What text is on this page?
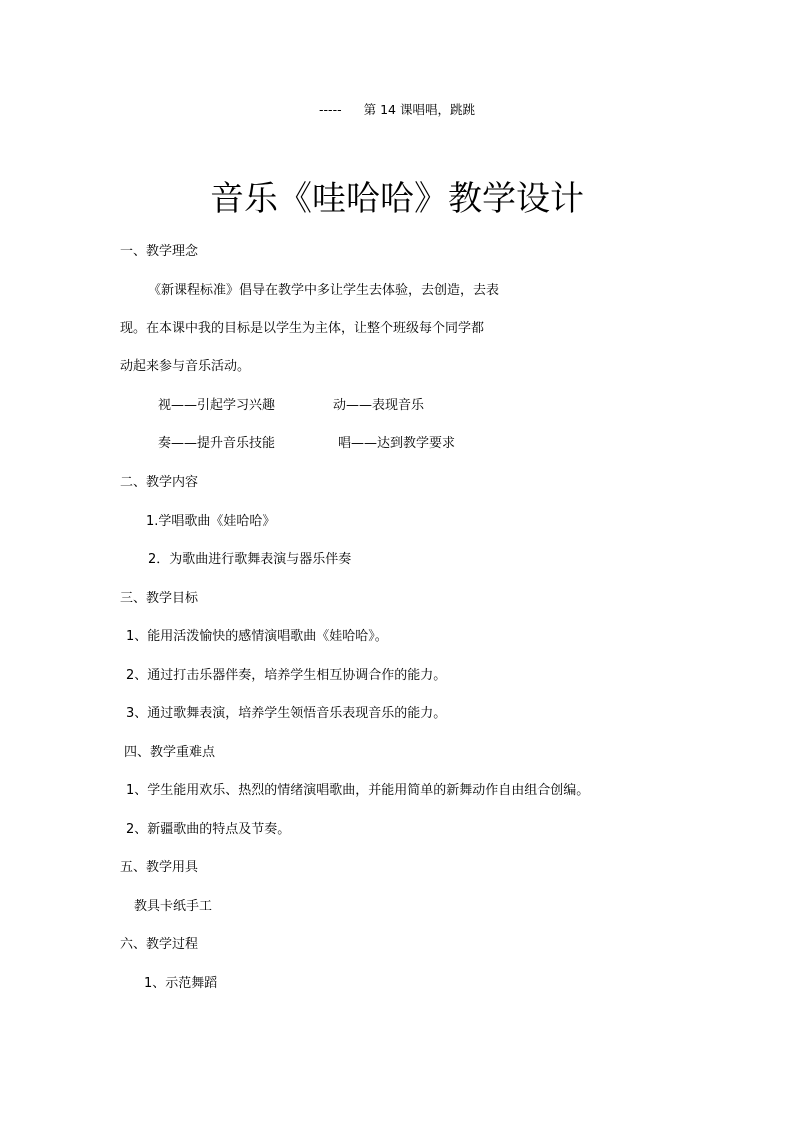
----- 第 14 课唱唱，跳跳
音乐《哇哈哈》教学设计
一、教学理念
《新课程标准》倡导在教学中多让学生去体验，去创造，去表
现。在本课中我的目标是以学生为主体，让整个班级每个同学都
动起来参与音乐活动。
视——引起学习兴趣	动——表现音乐
奏——提升音乐技能	唱——达到教学要求
二、教学内容
1.学唱歌曲《娃哈哈》
2．为歌曲进行歌舞表演与器乐伴奏
三、教学目标
1、能用活泼愉快的感情演唱歌曲《娃哈哈》。
2、通过打击乐器伴奏，培养学生相互协调合作的能力。
3、通过歌舞表演，培养学生领悟音乐表现音乐的能力。
四、教学重难点
1、学生能用欢乐、热烈的情绪演唱歌曲，并能用简单的新舞动作自由组合创编。
2、新疆歌曲的特点及节奏。
五、教学用具
教具卡纸手工
六、教学过程
1、示范舞蹈
